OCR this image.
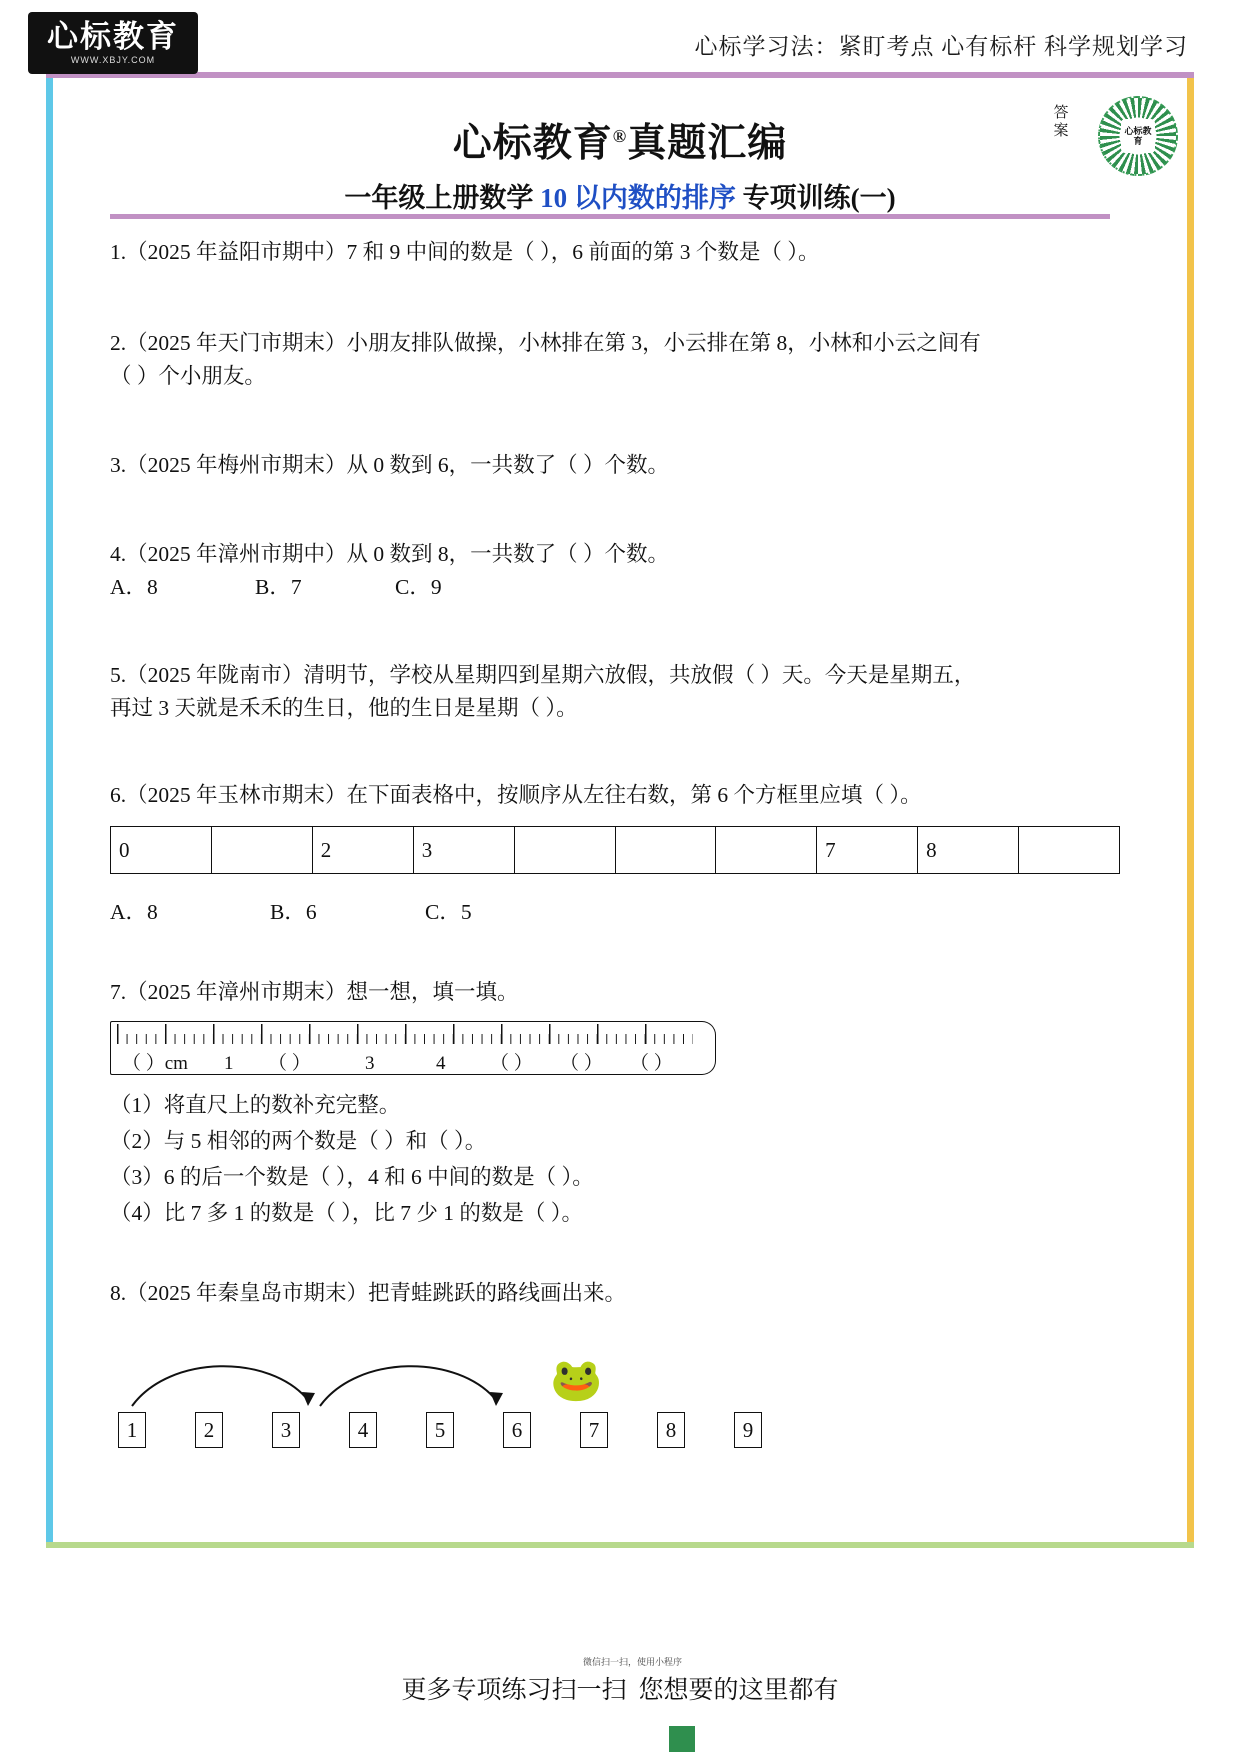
心标教育
WWW.XBJY.COM
心标学习法：紧盯考点 心有标杆 科学规划学习
心标教育®真题汇编
一年级上册数学 10 以内数的排序 专项训练(一)
答案	心标教育
1.（2025 年益阳市期中）7 和 9 中间的数是（ ），6 前面的第 3 个数是（ ）。
2.（2025 年天门市期末）小朋友排队做操，小林排在第 3，小云排在第 8，小林和小云之间有
（ ）个小朋友。
3.（2025 年梅州市期末）从 0 数到 6，一共数了（ ）个数。
4.（2025 年漳州市期中）从 0 数到 8，一共数了（ ）个数。
A．8	B．7	C．9
5.（2025 年陇南市）清明节，学校从星期四到星期六放假，共放假（ ）天。今天是星期五，
再过 3 天就是禾禾的生日，他的生日是星期（ ）。
6.（2025 年玉林市期末）在下面表格中，按顺序从左往右数，第 6 个方框里应填（ ）。
0		2	3				7	8	
A．8	B．6	C．5
7.（2025 年漳州市期末）想一想，填一填。
（ ）cm 1 （ ）	3	4 （ ） （ ） （ ）
（1）将直尺上的数补充完整。
（2）与 5 相邻的两个数是（ ）和（ ）。
（3）6 的后一个数是（ ），4 和 6 中间的数是（ ）。
（4）比 7 多 1 的数是（ ），比 7 少 1 的数是（ ）。
8.（2025 年秦皇岛市期末）把青蛙跳跃的路线画出来。
🐸
1	2	3	4	5	6	7	8	9
更多专项练习扫一扫
微信扫一扫，使用小程序
您想要的这里都有
